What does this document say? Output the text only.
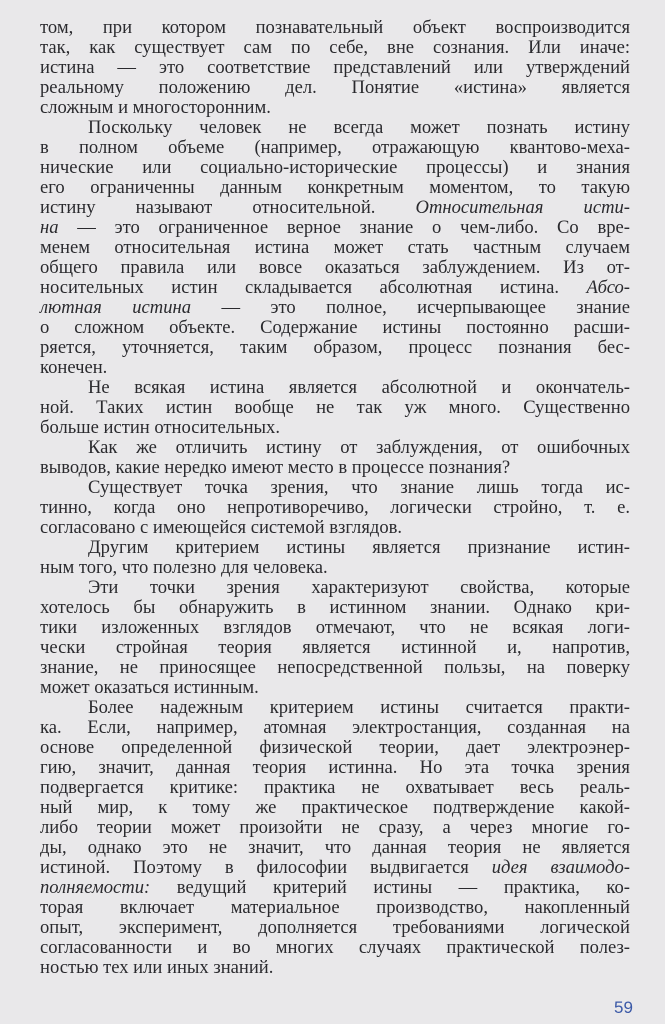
том, при котором познавательный объект воспроизводится
так, как существует сам по себе, вне сознания. Или иначе:
истина — это соответствие представлений или утверждений
реальному положению дел. Понятие «истина» является
сложным и многосторонним.
Поскольку человек не всегда может познать истину
в полном объеме (например, отражающую квантово-меха-
нические или социально-исторические процессы) и знания
его ограниченны данным конкретным моментом, то такую
истину называют относительной. Относительная исти-
на — это ограниченное верное знание о чем-либо. Со вре-
менем относительная истина может стать частным случаем
общего правила или вовсе оказаться заблуждением. Из от-
носительных истин складывается абсолютная истина. Абсо-
лютная истина — это полное, исчерпывающее знание
о сложном объекте. Содержание истины постоянно расши-
ряется, уточняется, таким образом, процесс познания бес-
конечен.
Не всякая истина является абсолютной и окончатель-
ной. Таких истин вообще не так уж много. Существенно
больше истин относительных.
Как же отличить истину от заблуждения, от ошибочных
выводов, какие нередко имеют место в процессе познания?
Существует точка зрения, что знание лишь тогда ис-
тинно, когда оно непротиворечиво, логически стройно, т. е.
согласовано с имеющейся системой взглядов.
Другим критерием истины является признание истин-
ным того, что полезно для человека.
Эти точки зрения характеризуют свойства, которые
хотелось бы обнаружить в истинном знании. Однако кри-
тики изложенных взглядов отмечают, что не всякая логи-
чески стройная теория является истинной и, напротив,
знание, не приносящее непосредственной пользы, на поверку
может оказаться истинным.
Более надежным критерием истины считается практи-
ка. Если, например, атомная электростанция, созданная на
основе определенной физической теории, дает электроэнер-
гию, значит, данная теория истинна. Но эта точка зрения
подвергается критике: практика не охватывает весь реаль-
ный мир, к тому же практическое подтверждение какой-
либо теории может произойти не сразу, а через многие го-
ды, однако это не значит, что данная теория не является
истиной. Поэтому в философии выдвигается идея взаимодо-
полняемости: ведущий критерий истины — практика, ко-
торая включает материальное производство, накопленный
опыт, эксперимент, дополняется требованиями логической
согласованности и во многих случаях практической полез-
ностью тех или иных знаний.
59
